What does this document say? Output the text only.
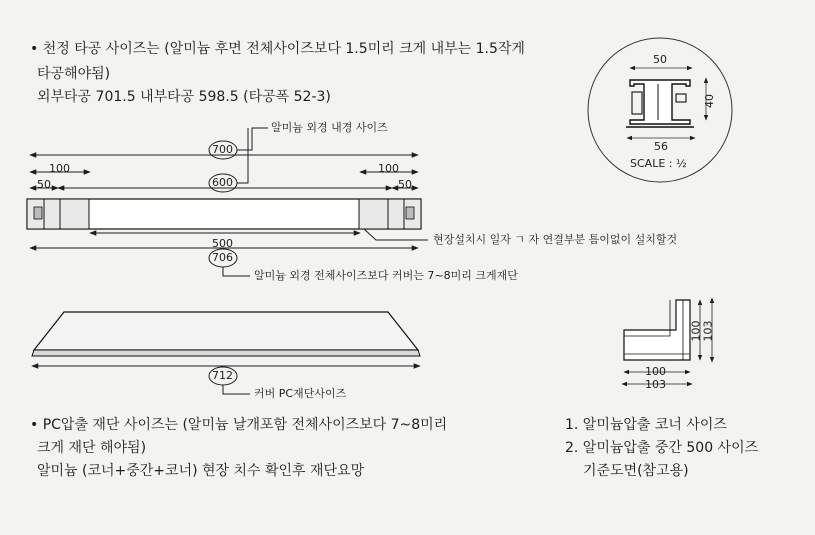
• 천정 타공 사이즈는 (알미늄 후면 전체사이즈보다 1.5미리 크게 내부는 1.5작게
타공해야됨)
외부타공 701.5 내부타공 598.5 (타공폭 52-3)
50
40
56
SCALE : ½
알미늄 외경 내경 사이즈
700
100	100
600
50	50
500
706
현장설치시 일자 ㄱ 자 연결부분 틈이없이 설치할것
알미늄 외경 전체사이즈보다 커버는 7~8미리 크게재단
712
커버 PC재단사이즈
100 103
100
103
• PC압출 재단 사이즈는 (알미늄 날개포함 전체사이즈보다 7~8미리
크게 재단 해야됨)
알미늄 (코너+중간+코너) 현장 치수 확인후 재단요망
1. 알미늄압출 코너 사이즈
2. 알미늄압출 중간 500 사이즈
기준도면(참고용)
